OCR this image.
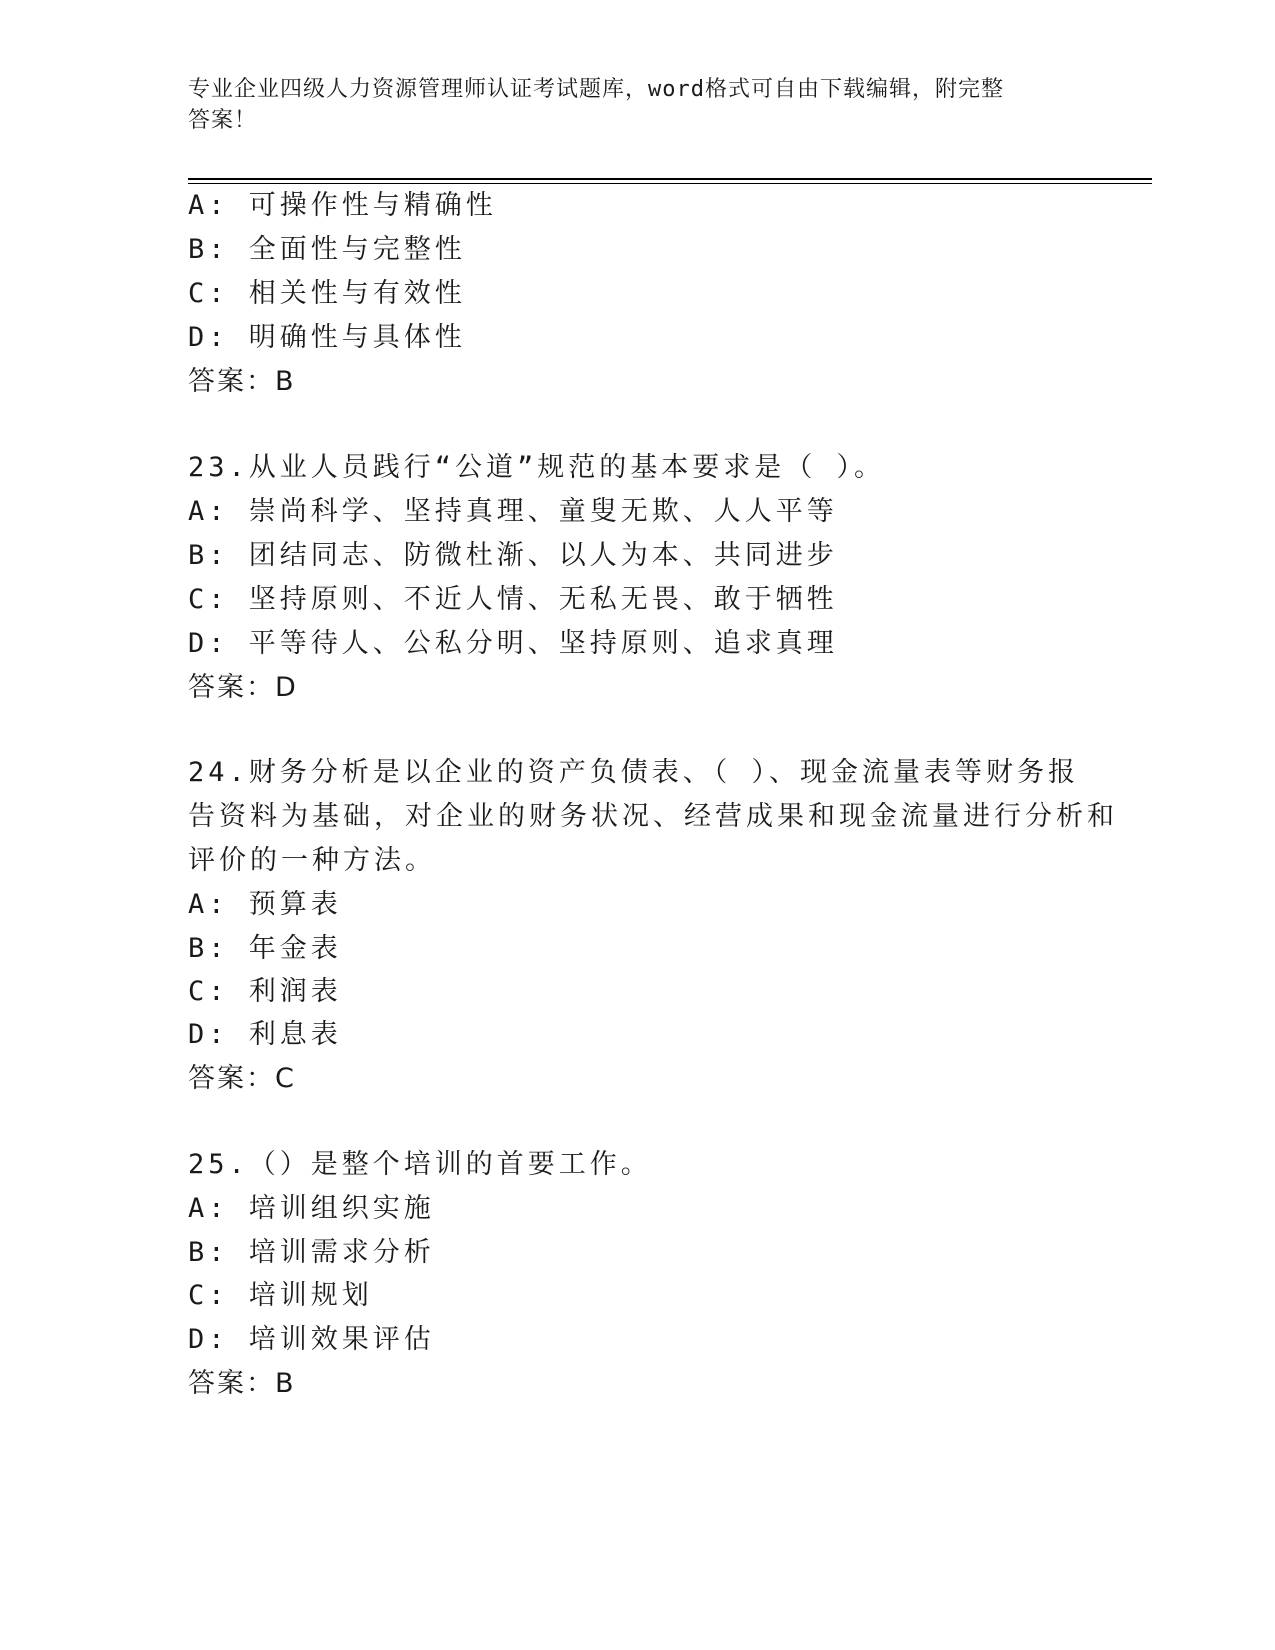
专业企业四级人力资源管理师认证考试题库，word格式可自由下载编辑，附完整
答案！
A: 可操作性与精确性
B: 全面性与完整性
C: 相关性与有效性
D: 明确性与具体性
答案：B
23.从业人员践行“公道”规范的基本要求是（ ）。
A: 崇尚科学、坚持真理、童叟无欺、人人平等
B: 团结同志、防微杜渐、以人为本、共同进步
C: 坚持原则、不近人情、无私无畏、敢于牺牲
D: 平等待人、公私分明、坚持原则、追求真理
答案：D
24.财务分析是以企业的资产负债表、（ ）、现金流量表等财务报
告资料为基础，对企业的财务状况、经营成果和现金流量进行分析和
评价的一种方法。
A: 预算表
B: 年金表
C: 利润表
D: 利息表
答案：C
25.（）是整个培训的首要工作。
A: 培训组织实施
B: 培训需求分析
C: 培训规划
D: 培训效果评估
答案：B
